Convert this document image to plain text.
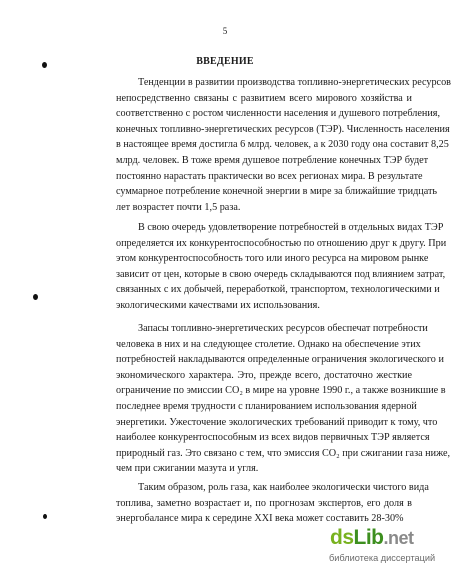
5
ВВЕДЕНИЕ
Тенденции в развитии производства топливно-энергетических ресурсов
непосредственно связаны с развитием всего мирового хозяйства и
соответственно с ростом численности населения и душевого потребления,
конечных топливно-энергетических ресурсов (ТЭР). Численность населения
в настоящее время достигла 6 млрд. человек, а к 2030 году она составит 8,25
млрд. человек. В тоже время душевое потребление конечных ТЭР будет
постоянно нарастать практически во всех регионах мира. В результате
суммарное потребление конечной энергии в мире за ближайшие тридцать
лет возрастет почти 1,5 раза.
В свою очередь удовлетворение потребностей в отдельных видах ТЭР
определяется их конкурентоспособностью по отношению друг к другу. При
этом конкурентоспособность того или иного ресурса на мировом рынке
зависит от цен, которые в свою очередь складываются под влиянием затрат,
связанных с их добычей, переработкой, транспортом, технологическими и
экологическими качествами их использования.
Запасы топливно-энергетических ресурсов обеспечат потребности
человека в них и на следующее столетие. Однако на обеспечение этих
потребностей накладываются определенные ограничения экологического и
экономического характера. Это, прежде всего, достаточно жесткие
ограничение по эмиссии CO₂ в мире на уровне 1990 г., а также возникшие в
последнее время трудности с планированием использования ядерной
энергетики. Ужесточение экологических требований приводит к тому, что
наиболее конкурентоспособным из всех видов первичных ТЭР является
природный газ. Это связано с тем, что эмиссия CO₂ при сжигании газа ниже,
чем при сжигании мазута и угля.
Таким образом, роль газа, как наиболее экологически чистого вида
топлива, заметно возрастает и, по прогнозам экспертов, его доля в
энергобалансе мира к середине XXI века может составить 28-30%
dsLib.net
библиотека диссертаций
